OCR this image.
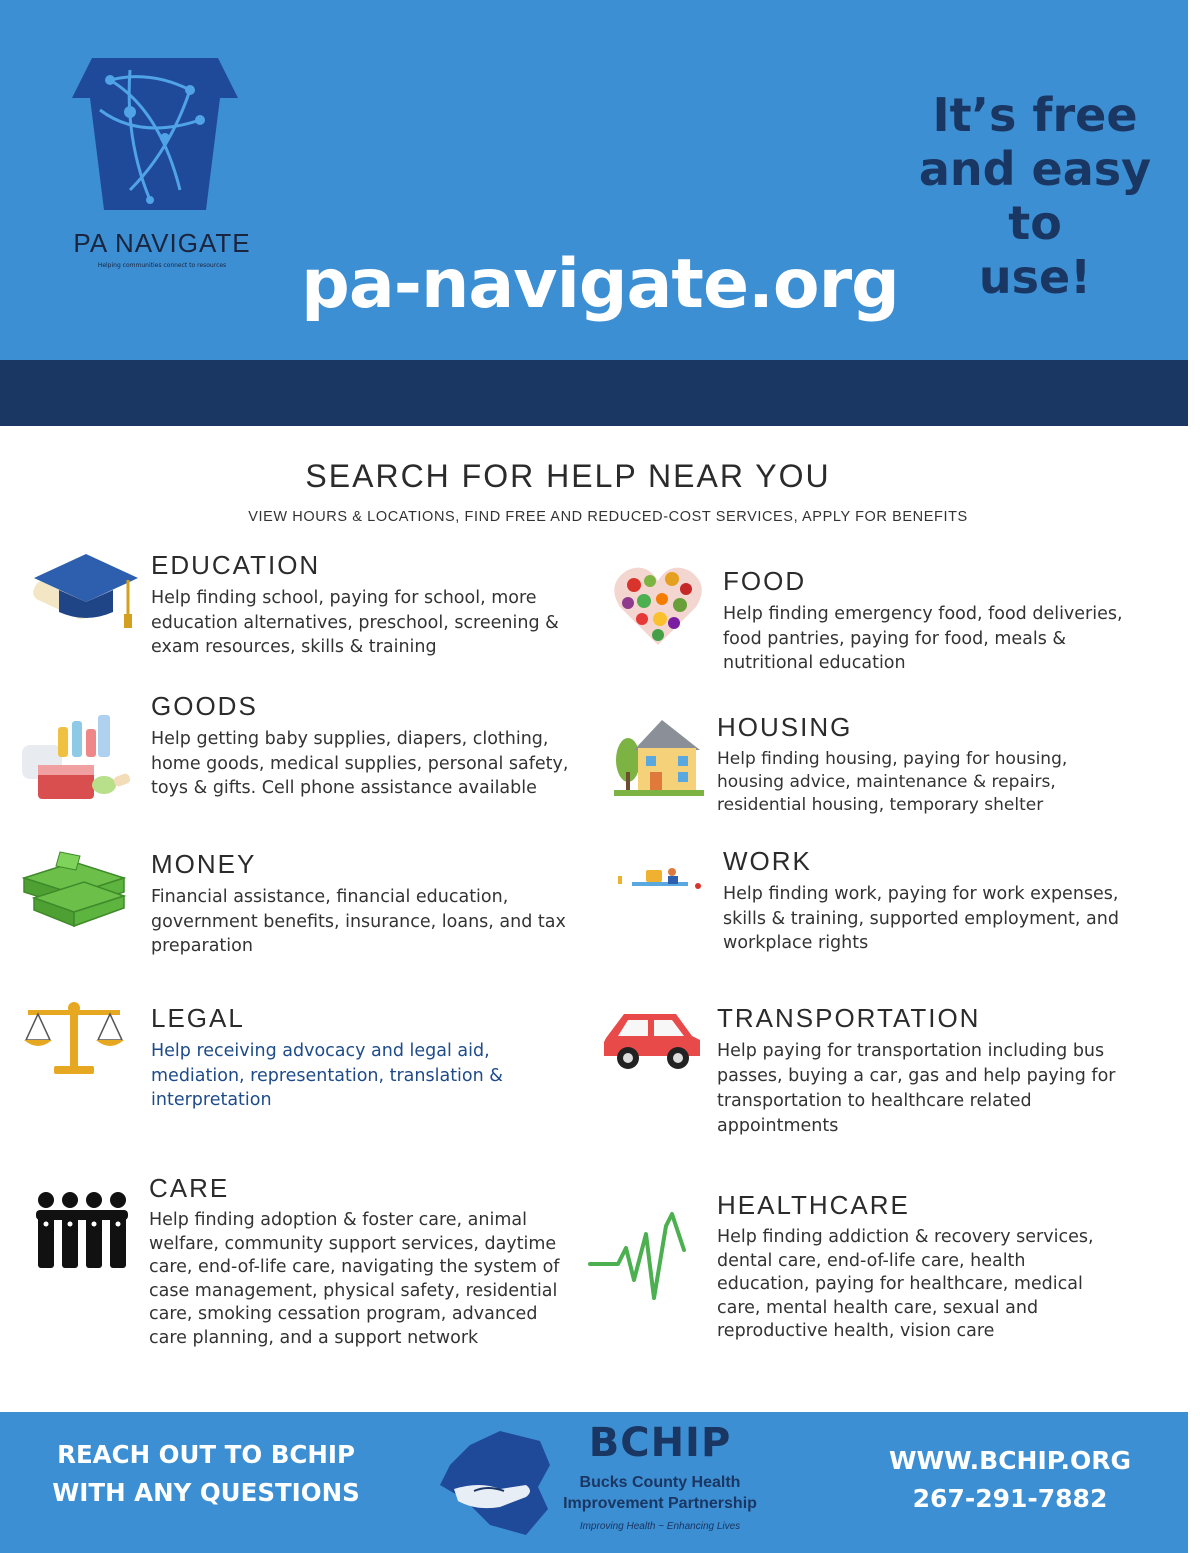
PA NAVIGATE
Helping communities connect to resources
It’s free
and easy to
use!
pa-navigate.org
SEARCH FOR HELP NEAR YOU
VIEW HOURS & LOCATIONS, FIND FREE AND REDUCED-COST SERVICES, APPLY FOR BENEFITS
EDUCATION

Help finding school, paying for school, more education alternatives, preschool, screening & exam resources, skills & training

FOOD

Help finding emergency food, food deliveries, food pantries, paying for food, meals & nutritional education

GOODS

Help getting baby supplies, diapers, clothing, home goods, medical supplies, personal safety, toys & gifts. Cell phone assistance available

HOUSING

Help finding housing, paying for housing, housing advice, maintenance & repairs, residential housing, temporary shelter

MONEY

Financial assistance, financial education, government benefits, insurance, loans, and tax preparation

WORK

Help finding work, paying for work expenses, skills & training, supported employment, and workplace rights

LEGAL

Help receiving advocacy and legal aid, mediation, representation, translation & interpretation

TRANSPORTATION

Help paying for transportation including bus passes, buying a car, gas and help paying for transportation to healthcare related appointments

CARE

Help finding adoption & foster care, animal welfare, community support services, daytime care, end-of-life care, navigating the system of case management, physical safety, residential care, smoking cessation program, advanced care planning, and a support network

HEALTHCARE

Help finding addiction & recovery services, dental care, end-of-life care, health education, paying for healthcare, medical care, mental health care, sexual and reproductive health, vision care

REACH OUT TO BCHIP
WITH ANY QUESTIONS
BCHIP
Bucks County Health
Improvement Partnership
Improving Health ~ Enhancing Lives
WWW.BCHIP.ORG
267-291-7882
